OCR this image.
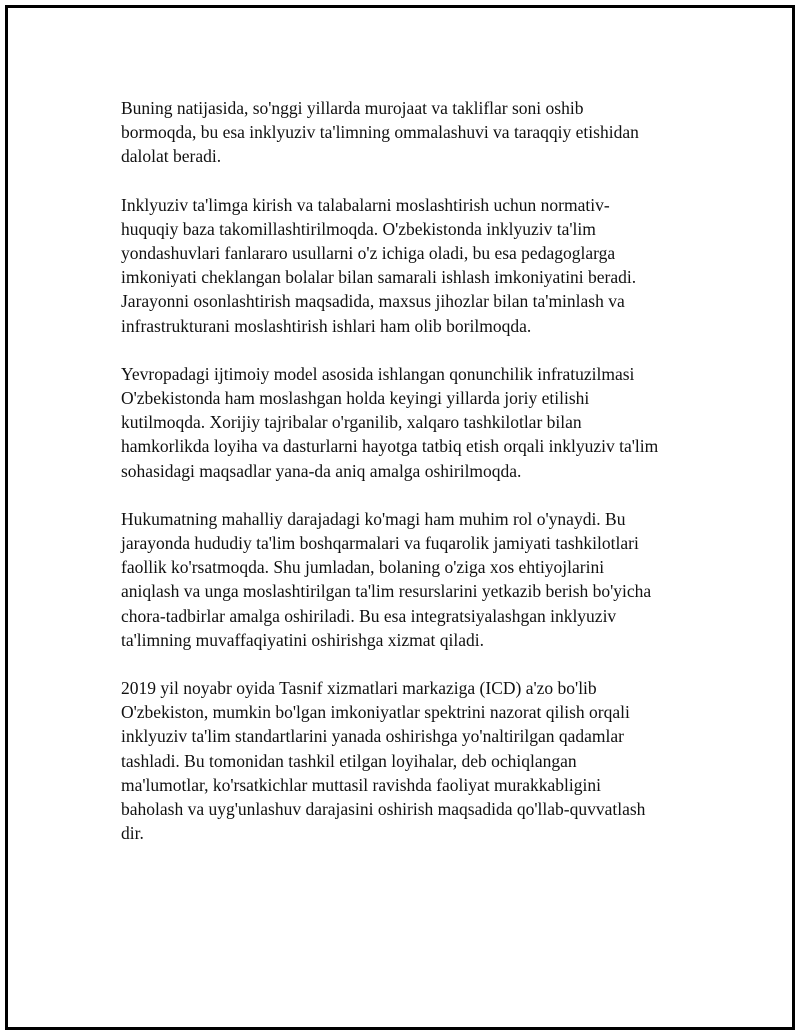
Buning natijasida, so'nggi yillarda murojaat va takliflar soni oshib
bormoqda, bu esa inklyuziv ta'limning ommalashuvi va taraqqiy etishidan
dalolat beradi.

Inklyuziv ta'limga kirish va talabalarni moslashtirish uchun normativ-
huquqiy baza takomillashtirilmoqda. O'zbekistonda inklyuziv ta'lim
yondashuvlari fanlararo usullarni o'z ichiga oladi, bu esa pedagoglarga
imkoniyati cheklangan bolalar bilan samarali ishlash imkoniyatini beradi.
Jarayonni osonlashtirish maqsadida, maxsus jihozlar bilan ta'minlash va
infrastrukturani moslashtirish ishlari ham olib borilmoqda.

Yevropadagi ijtimoiy model asosida ishlangan qonunchilik infratuzilmasi
O'zbekistonda ham moslashgan holda keyingi yillarda joriy etilishi
kutilmoqda. Xorijiy tajribalar o'rganilib, xalqaro tashkilotlar bilan
hamkorlikda loyiha va dasturlarni hayotga tatbiq etish orqali inklyuziv ta'lim
sohasidagi maqsadlar yana-da aniq amalga oshirilmoqda.

Hukumatning mahalliy darajadagi ko'magi ham muhim rol o'ynaydi. Bu
jarayonda hududiy ta'lim boshqarmalari va fuqarolik jamiyati tashkilotlari
faollik ko'rsatmoqda. Shu jumladan, bolaning o'ziga xos ehtiyojlarini
aniqlash va unga moslashtirilgan ta'lim resurslarini yetkazib berish bo'yicha
chora-tadbirlar amalga oshiriladi. Bu esa integratsiyalashgan inklyuziv
ta'limning muvaffaqiyatini oshirishga xizmat qiladi.

2019 yil noyabr oyida Tasnif xizmatlari markaziga (ICD) a'zo bo'lib
O'zbekiston, mumkin bo'lgan imkoniyatlar spektrini nazorat qilish orqali
inklyuziv ta'lim standartlarini yanada oshirishga yo'naltirilgan qadamlar
tashladi. Bu tomonidan tashkil etilgan loyihalar, deb ochiqlangan
ma'lumotlar, ko'rsatkichlar muttasil ravishda faoliyat murakkabligini
baholash va uyg'unlashuv darajasini oshirish maqsadida qo'llab-quvvatlash
dir.
